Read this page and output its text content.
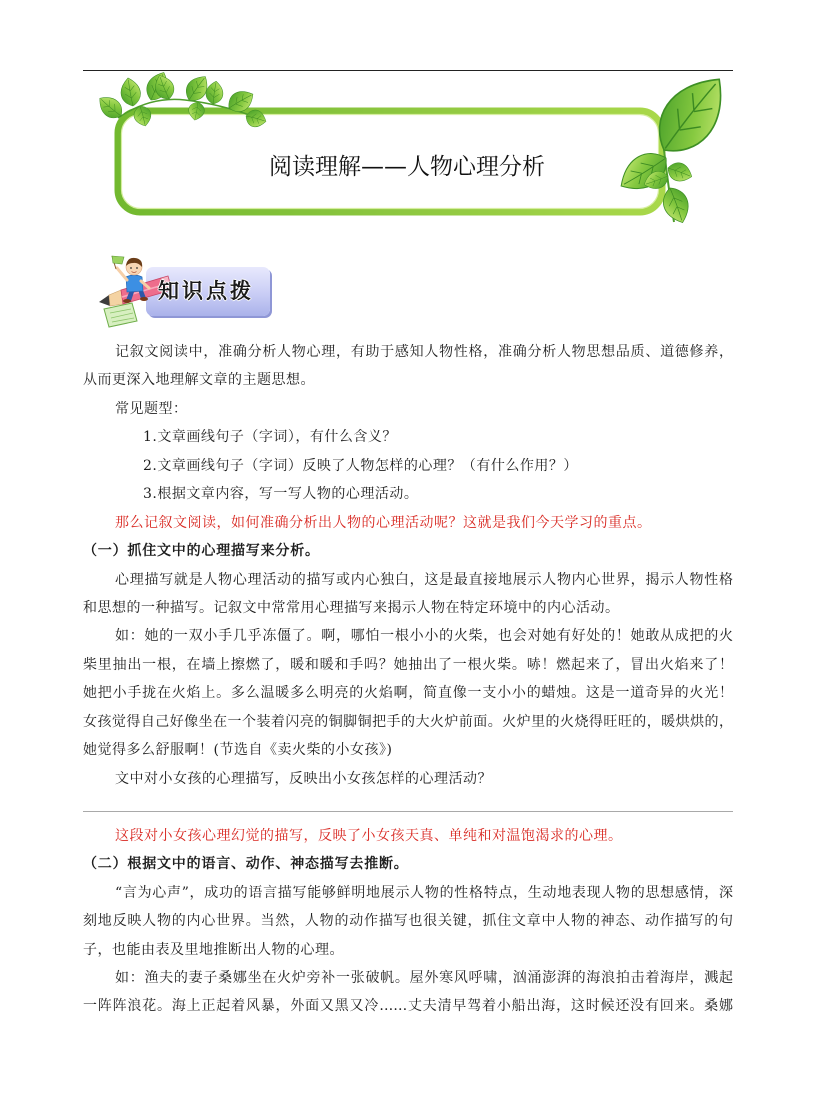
阅读理解——人物心理分析
知识点拨
记叙文阅读中，准确分析人物心理，有助于感知人物性格，准确分析人物思想品质、道德修养，
从而更深入地理解文章的主题思想。
常见题型：
1.文章画线句子（字词），有什么含义？
2.文章画线句子（字词）反映了人物怎样的心理？（有什么作用？）
3.根据文章内容，写一写人物的心理活动。
那么记叙文阅读，如何准确分析出人物的心理活动呢？这就是我们今天学习的重点。
（一）抓住文中的心理描写来分析。
心理描写就是人物心理活动的描写或内心独白，这是最直接地展示人物内心世界，揭示人物性格
和思想的一种描写。记叙文中常常用心理描写来揭示人物在特定环境中的内心活动。
如：她的一双小手几乎冻僵了。啊，哪怕一根小小的火柴，也会对她有好处的！她敢从成把的火
柴里抽出一根，在墙上擦燃了，暖和暖和手吗？她抽出了一根火柴。哧！燃起来了，冒出火焰来了！
她把小手拢在火焰上。多么温暖多么明亮的火焰啊，简直像一支小小的蜡烛。这是一道奇异的火光！
女孩觉得自己好像坐在一个装着闪亮的铜脚铜把手的大火炉前面。火炉里的火烧得旺旺的，暖烘烘的，
她觉得多么舒服啊！(节选自《卖火柴的小女孩》)
文中对小女孩的心理描写，反映出小女孩怎样的心理活动？
这段对小女孩心理幻觉的描写，反映了小女孩天真、单纯和对温饱渴求的心理。
（二）根据文中的语言、动作、神态描写去推断。
“言为心声”，成功的语言描写能够鲜明地展示人物的性格特点，生动地表现人物的思想感情，深
刻地反映人物的内心世界。当然，人物的动作描写也很关键，抓住文章中人物的神态、动作描写的句
子，也能由表及里地推断出人物的心理。
如：渔夫的妻子桑娜坐在火炉旁补一张破帆。屋外寒风呼啸，汹涌澎湃的海浪拍击着海岸，溅起
一阵阵浪花。海上正起着风暴，外面又黑又冷……丈夫清早驾着小船出海，这时候还没有回来。桑娜
